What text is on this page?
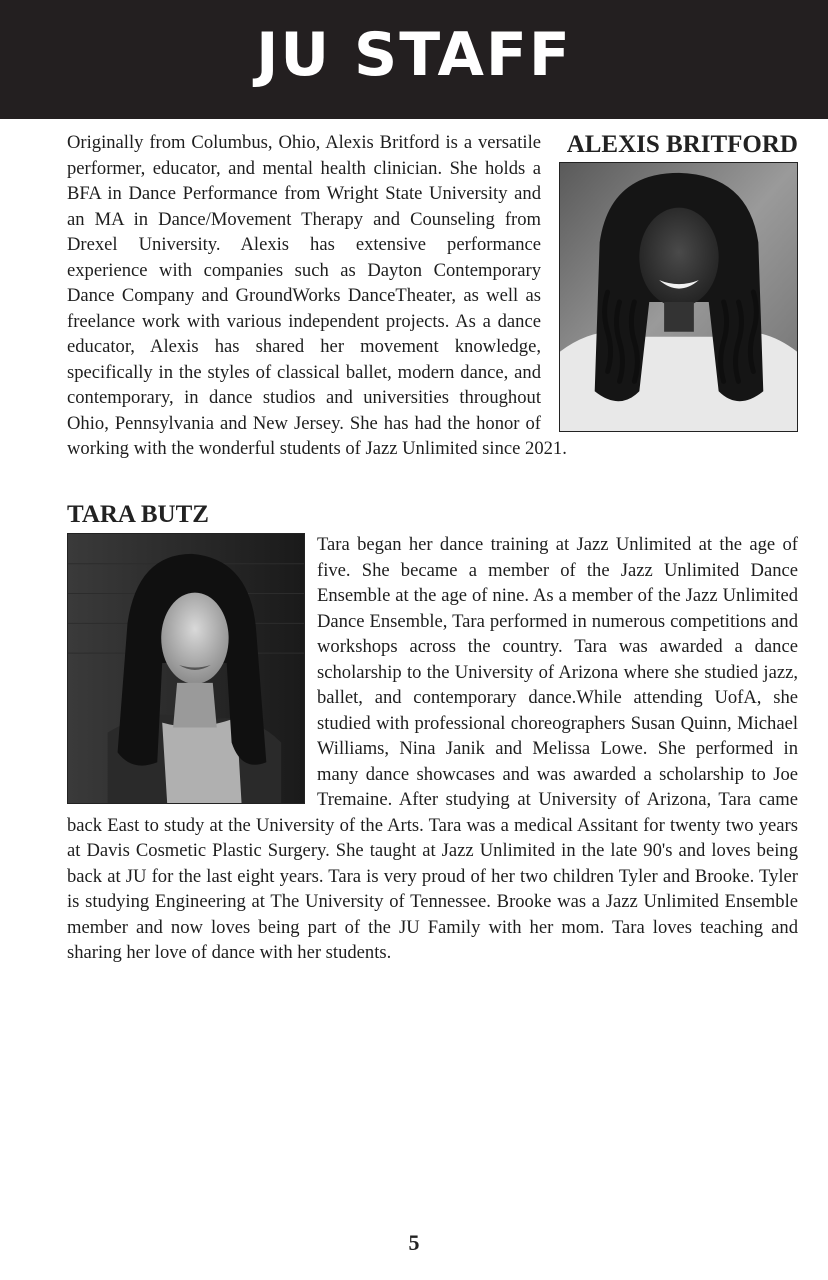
JU STAFF
ALEXIS BRITFORD
Originally from Columbus, Ohio, Alexis Britford is a versatile performer, educator, and mental health clinician. She holds a BFA in Dance Performance from Wright State University and an MA in Dance/Movement Therapy and Counseling from Drexel University. Alexis has extensive performance experience with companies such as Dayton Contemporary Dance Company and GroundWorks DanceTheater, as well as freelance work with various independent projects. As a dance educator, Alexis has shared her movement knowledge, specifically in the styles of classical ballet, modern dance, and contemporary, in dance studios and universities throughout Ohio, Pennsylvania and New Jersey. She has had the honor of working with the wonderful students of Jazz Unlimited since 2021.
TARA BUTZ
Tara began her dance training at Jazz Unlimited at the age of five. She became a member of the Jazz Unlimited Dance Ensemble at the age of nine. As a member of the Jazz Unlimited Dance Ensemble, Tara performed in numerous competitions and workshops across the country. Tara was awarded a dance scholarship to the University of Arizona where she studied jazz, ballet, and contemporary dance.While attending UofA, she studied with professional choreographers Susan Quinn, Michael Williams, Nina Janik and Melissa Lowe. She performed in many dance showcases and was awarded a scholarship to Joe Tremaine. After studying at University of Arizona, Tara came back East to study at the University of the Arts. Tara was a medical Assitant for twenty two years at Davis Cosmetic Plastic Surgery. She taught at Jazz Unlimited in the late 90's and loves being back at JU for the last eight years. Tara is very proud of her two children Tyler and Brooke. Tyler is studying Engineering at The University of Tennessee. Brooke was a Jazz Unlimited Ensemble member and now loves being part of the JU Family with her mom. Tara loves teaching and sharing her love of dance with her students.
5
